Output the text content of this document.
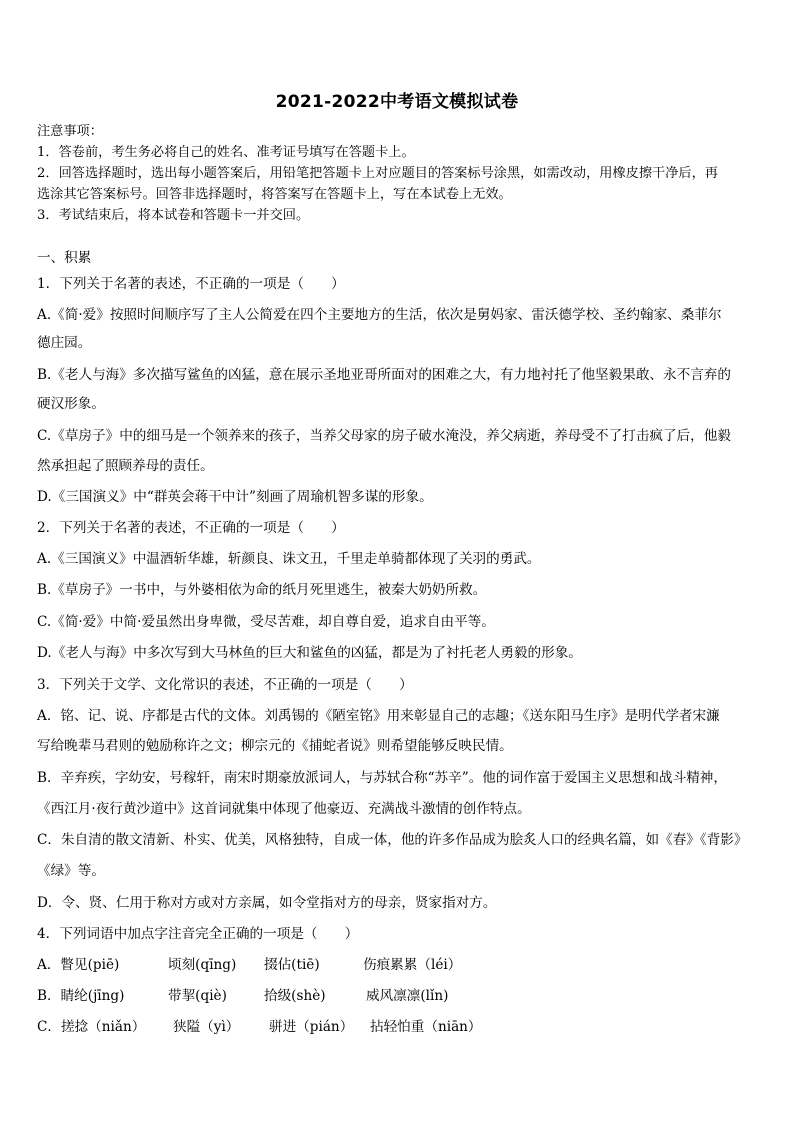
2021-2022中考语文模拟试卷
注意事项：
1．答卷前，考生务必将自己的姓名、准考证号填写在答题卡上。
2．回答选择题时，选出每小题答案后，用铅笔把答题卡上对应题目的答案标号涂黑，如需改动，用橡皮擦干净后，再
选涂其它答案标号。回答非选择题时，将答案写在答题卡上，写在本试卷上无效。
3．考试结束后，将本试卷和答题卡一并交回。
一、积累
1．下列关于名著的表述，不正确的一项是（　　）
A.《简·爱》按照时间顺序写了主人公简爱在四个主要地方的生活，依次是舅妈家、雷沃德学校、圣约翰家、桑菲尔
德庄园。
B.《老人与海》多次描写鲨鱼的凶猛，意在展示圣地亚哥所面对的困难之大，有力地衬托了他坚毅果敢、永不言弃的
硬汉形象。
C.《草房子》中的细马是一个领养来的孩子，当养父母家的房子破水淹没，养父病逝，养母受不了打击疯了后，他毅
然承担起了照顾养母的责任。
D.《三国演义》中“群英会蒋干中计”刻画了周瑜机智多谋的形象。
2．下列关于名著的表述，不正确的一项是（　　）
A.《三国演义》中温酒斩华雄，斩颜良、诛文丑，千里走单骑都体现了关羽的勇武。
B.《草房子》一书中，与外婆相依为命的纸月死里逃生，被秦大奶奶所救。
C.《简·爱》中简·爱虽然出身卑微，受尽苦难，却自尊自爱，追求自由平等。
D.《老人与海》中多次写到大马林鱼的巨大和鲨鱼的凶猛，都是为了衬托老人勇毅的形象。
3．下列关于文学、文化常识的表述，不正确的一项是（　　）
A．铭、记、说、序都是古代的文体。刘禹锡的《陋室铭》用来彰显自己的志趣；《送东阳马生序》是明代学者宋濂
写给晚辈马君则的勉励称许之文；柳宗元的《捕蛇者说》则希望能够反映民情。
B．辛弃疾，字幼安，号稼轩，南宋时期豪放派词人，与苏轼合称“苏辛”。他的词作富于爱国主义思想和战斗精神，
《西江月·夜行黄沙道中》这首词就集中体现了他豪迈、充满战斗激情的创作特点。
C．朱自清的散文清新、朴实、优美，风格独特，自成一体，他的许多作品成为脍炙人口的经典名篇，如《春》《背影》
《绿》等。
D．令、贤、仁用于称对方或对方亲属，如令堂指对方的母亲，贤家指对方。
4．下列词语中加点字注音完全正确的一项是（　　）
A．瞥见(piē)	顷刻(qīng) 掇佔(tiē)	伤痕累累（léi）
B．睛纶(jīng)	带挈(qiè)	拾级(shè)	威风凛凛(lǐn)
C．搓捻（niǎn） 狭隘（yì） 骈进（pián） 拈轻怕重（niān）
